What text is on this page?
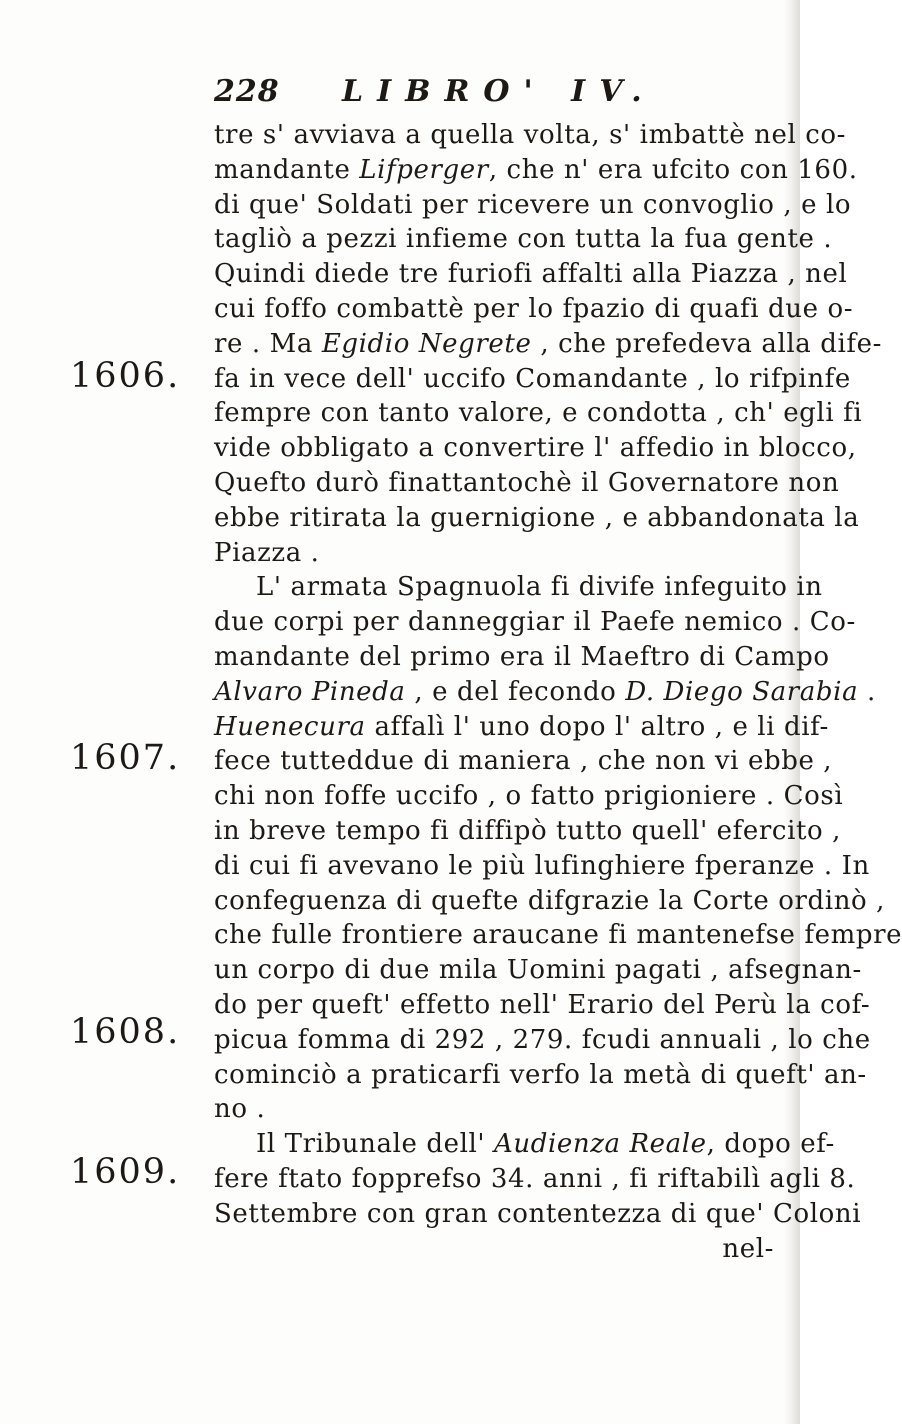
228 LIBRO' IV.
1606.
1607.
1608.
1609.
tre s' avviava a quella volta, s' imbattè nel co-
mandante Lifperger, che n' era ufcito con 160.
di que' Soldati per ricevere un convoglio , e lo
tagliò a pezzi infieme con tutta la fua gente .
Quindi diede tre furiofi affalti alla Piazza , nel
cui foffo combattè per lo fpazio di quafi due o-
re . Ma Egidio Negrete , che prefedeva alla dife-
fa in vece dell' uccifo Comandante , lo rifpinfe
fempre con tanto valore, e condotta , ch' egli fi
vide obbligato a convertire l' affedio in blocco,
Quefto durò finattantochè il Governatore non
ebbe ritirata la guernigione , e abbandonata la
Piazza .
L' armata Spagnuola fi divife infeguito in
due corpi per danneggiar il Paefe nemico . Co-
mandante del primo era il Maeftro di Campo
Alvaro Pineda , e del fecondo D. Diego Sarabia .
Huenecura affalì l' uno dopo l' altro , e li dif-
fece tutteddue di maniera , che non vi ebbe ,
chi non foffe uccifo , o fatto prigioniere . Così
in breve tempo fi diffipò tutto quell' efercito ,
di cui fi avevano le più lufinghiere fperanze . In
confeguenza di quefte difgrazie la Corte ordinò ,
che fulle frontiere araucane fi mantenefse fempre
un corpo di due mila Uomini pagati , afsegnan-
do per queft' effetto nell' Erario del Perù la cof-
picua fomma di 292 , 279. fcudi annuali , lo che
cominciò a praticarfi verfo la metà di queft' an-
no .
Il Tribunale dell' Audienza Reale, dopo ef-
fere ftato fopprefso 34. anni , fi riftabilì agli 8.
Settembre con gran contentezza di que' Coloni
nel-
